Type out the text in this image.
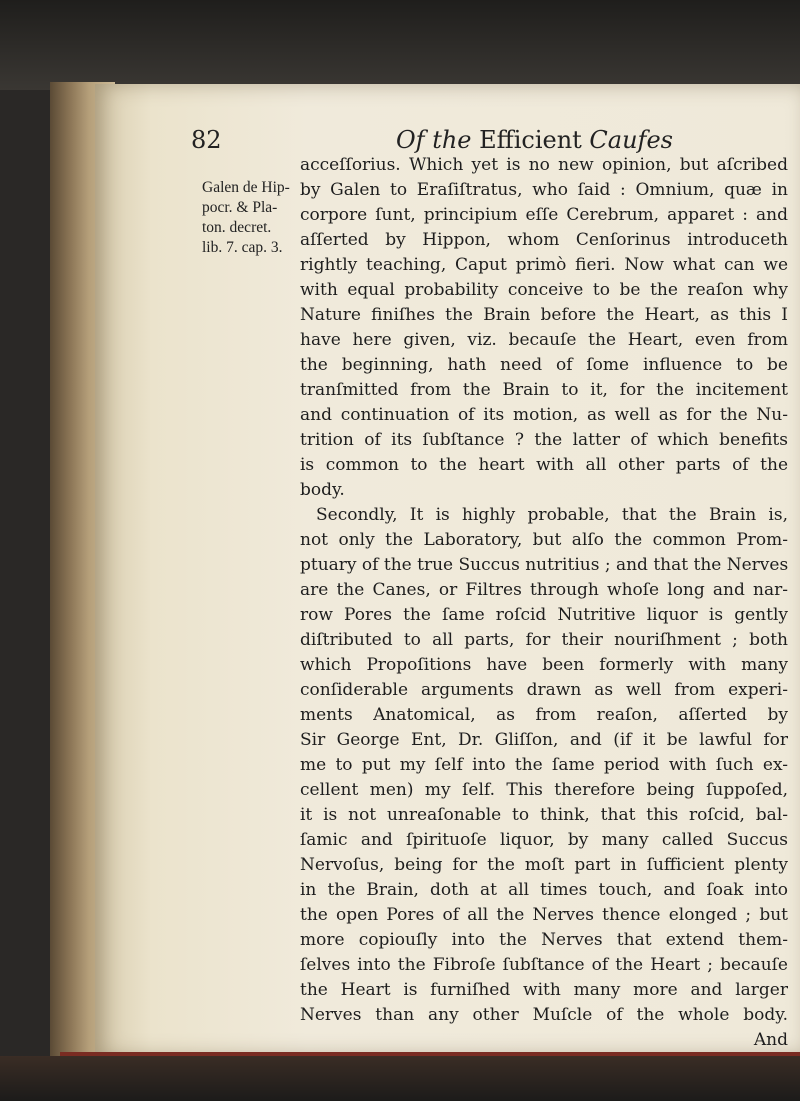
82	Of the Efficient Caufes
Galen de Hip-
pocr. & Pla-
ton. decret.
lib. 7. cap. 3.
acceſſorius. Which yet is no new opinion, but aſcribed
by Galen to Eraſiſtratus, who ſaid : Omnium, quæ in
corpore ſunt, principium eſſe Cerebrum, apparet : and
aſſerted by Hippon, whom Cenſorinus introduceth
rightly teaching, Caput primò fieri. Now what can we
with equal probability conceive to be the reaſon why
Nature finiſhes the Brain before the Heart, as this I
have here given, viz. becauſe the Heart, even from
the beginning, hath need of ſome influence to be
tranſmitted from the Brain to it, for the incitement
and continuation of its motion, as well as for the Nu-
trition of its ſubſtance ? the latter of which benefits
is common to the heart with all other parts of the
body.
Secondly, It is highly probable, that the Brain is,
not only the Laboratory, but alſo the common Prom-
ptuary of the true Succus nutritius ; and that the Nerves
are the Canes, or Filtres through whoſe long and nar-
row Pores the ſame roſcid Nutritive liquor is gently
diſtributed to all parts, for their nouriſhment ; both
which Propoſitions have been formerly with many
conſiderable arguments drawn as well from experi-
ments Anatomical, as from reaſon, aſſerted by
Sir George Ent, Dr. Gliſſon, and (if it be lawful for
me to put my ſelf into the ſame period with ſuch ex-
cellent men) my ſelf. This therefore being ſuppoſed,
it is not unreaſonable to think, that this roſcid, bal-
ſamic and ſpirituoſe liquor, by many called Succus
Nervoſus, being for the moſt part in ſufficient plenty
in the Brain, doth at all times touch, and ſoak into
the open Pores of all the Nerves thence elonged ; but
more copiouſly into the Nerves that extend them-
ſelves into the Fibroſe ſubſtance of the Heart ; becauſe
the Heart is furniſhed with many more and larger
Nerves than any other Muſcle of the whole body.
And
